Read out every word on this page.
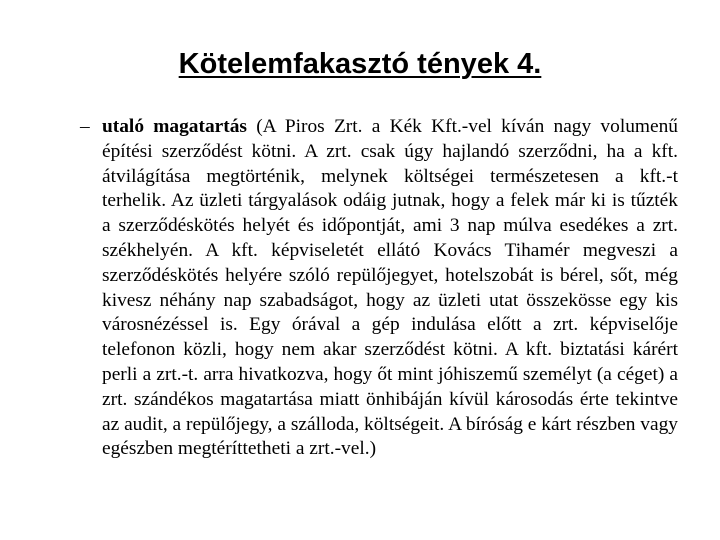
Kötelemfakasztó tények 4.

– utaló magatartás (A Piros Zrt. a Kék Kft.-vel kíván nagy volumenű építési szerződést kötni. A zrt. csak úgy hajlandó szerződni, ha a kft. átvilágítása megtörténik, melynek költségei természetesen a kft.-t terhelik. Az üzleti tárgyalások odáig jutnak, hogy a felek már ki is tűzték a szerződéskötés helyét és időpontját, ami 3 nap múlva esedékes a zrt. székhelyén. A kft. képviseletét ellátó Kovács Tihamér megveszi a szerződéskötés helyére szóló repülőjegyet, hotelszobát is bérel, sőt, még kivesz néhány nap szabadságot, hogy az üzleti utat összekösse egy kis városnézéssel is. Egy órával a gép indulása előtt a zrt. képviselője telefonon közli, hogy nem akar szerződést kötni. A kft. biztatási kárért perli a zrt.-t. arra hivatkozva, hogy őt mint jóhiszemű személyt (a céget) a zrt. szándékos magatartása miatt önhibáján kívül károsodás érte tekintve az audit, a repülőjegy, a szálloda, költségeit. A bíróság e kárt részben vagy egészben megtéríttetheti a zrt.-vel.)
